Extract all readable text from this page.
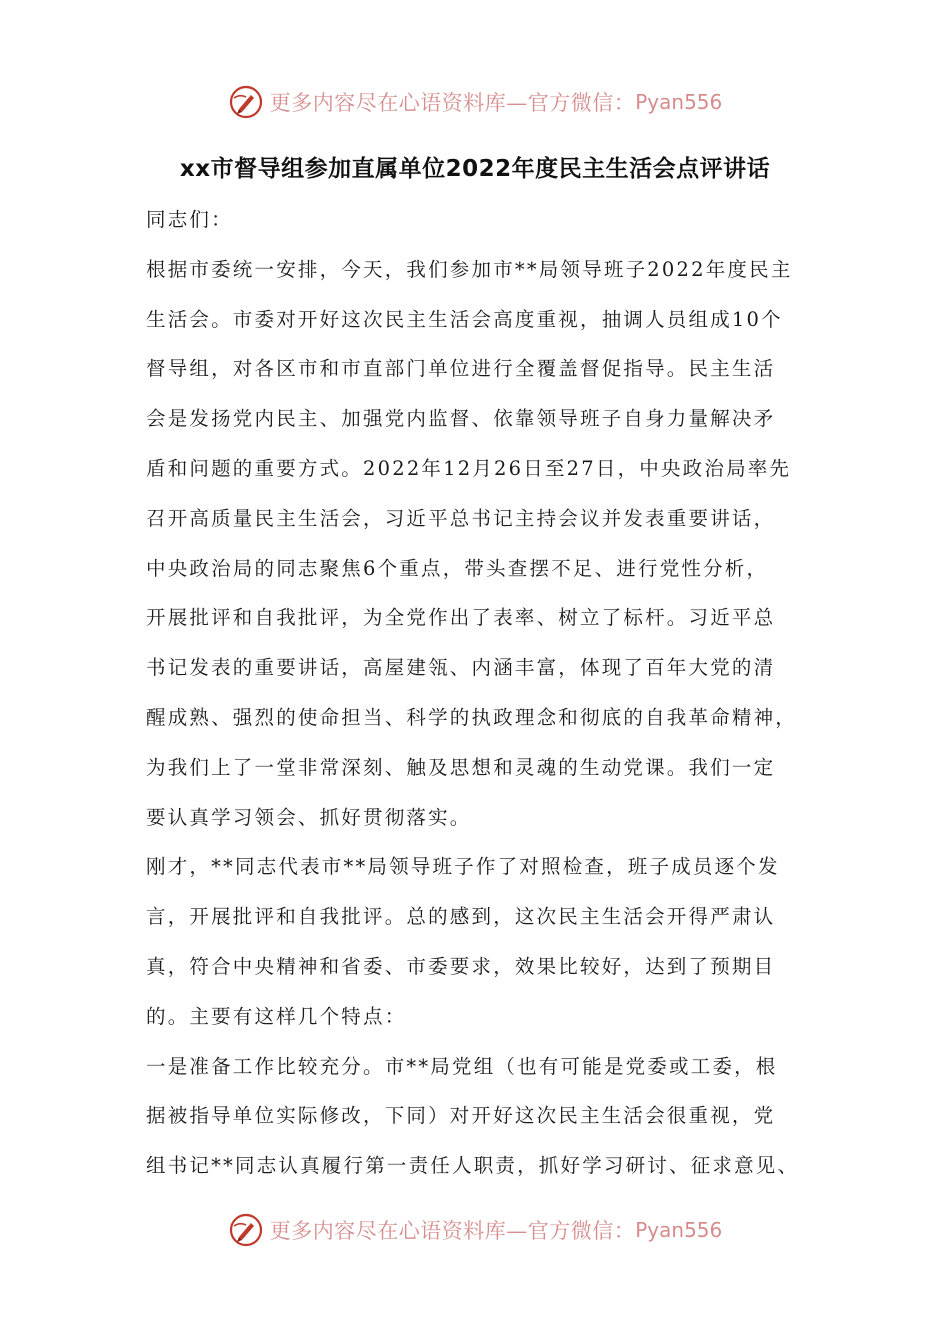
更多内容尽在心语资料库—官方微信： Pyan556
xx市督导组参加直属单位2022年度民主生活会点评讲话
同志们：
根据市委统一安排，今天，我们参加市**局领导班子2022年度民主
生活会。市委对开好这次民主生活会高度重视，抽调人员组成10个
督导组，对各区市和市直部门单位进行全覆盖督促指导。民主生活
会是发扬党内民主、加强党内监督、依靠领导班子自身力量解决矛
盾和问题的重要方式。2022年12月26日至27日，中央政治局率先
召开高质量民主生活会，习近平总书记主持会议并发表重要讲话，
中央政治局的同志聚焦6个重点，带头查摆不足、进行党性分析，
开展批评和自我批评，为全党作出了表率、树立了标杆。习近平总
书记发表的重要讲话，高屋建瓴、内涵丰富，体现了百年大党的清
醒成熟、强烈的使命担当、科学的执政理念和彻底的自我革命精神，
为我们上了一堂非常深刻、触及思想和灵魂的生动党课。我们一定
要认真学习领会、抓好贯彻落实。
刚才，**同志代表市**局领导班子作了对照检查，班子成员逐个发
言，开展批评和自我批评。总的感到，这次民主生活会开得严肃认
真，符合中央精神和省委、市委要求，效果比较好，达到了预期目
的。主要有这样几个特点：
一是准备工作比较充分。市**局党组（也有可能是党委或工委，根
据被指导单位实际修改，下同）对开好这次民主生活会很重视，党
组书记**同志认真履行第一责任人职责，抓好学习研讨、征求意见、
更多内容尽在心语资料库—官方微信： Pyan556
